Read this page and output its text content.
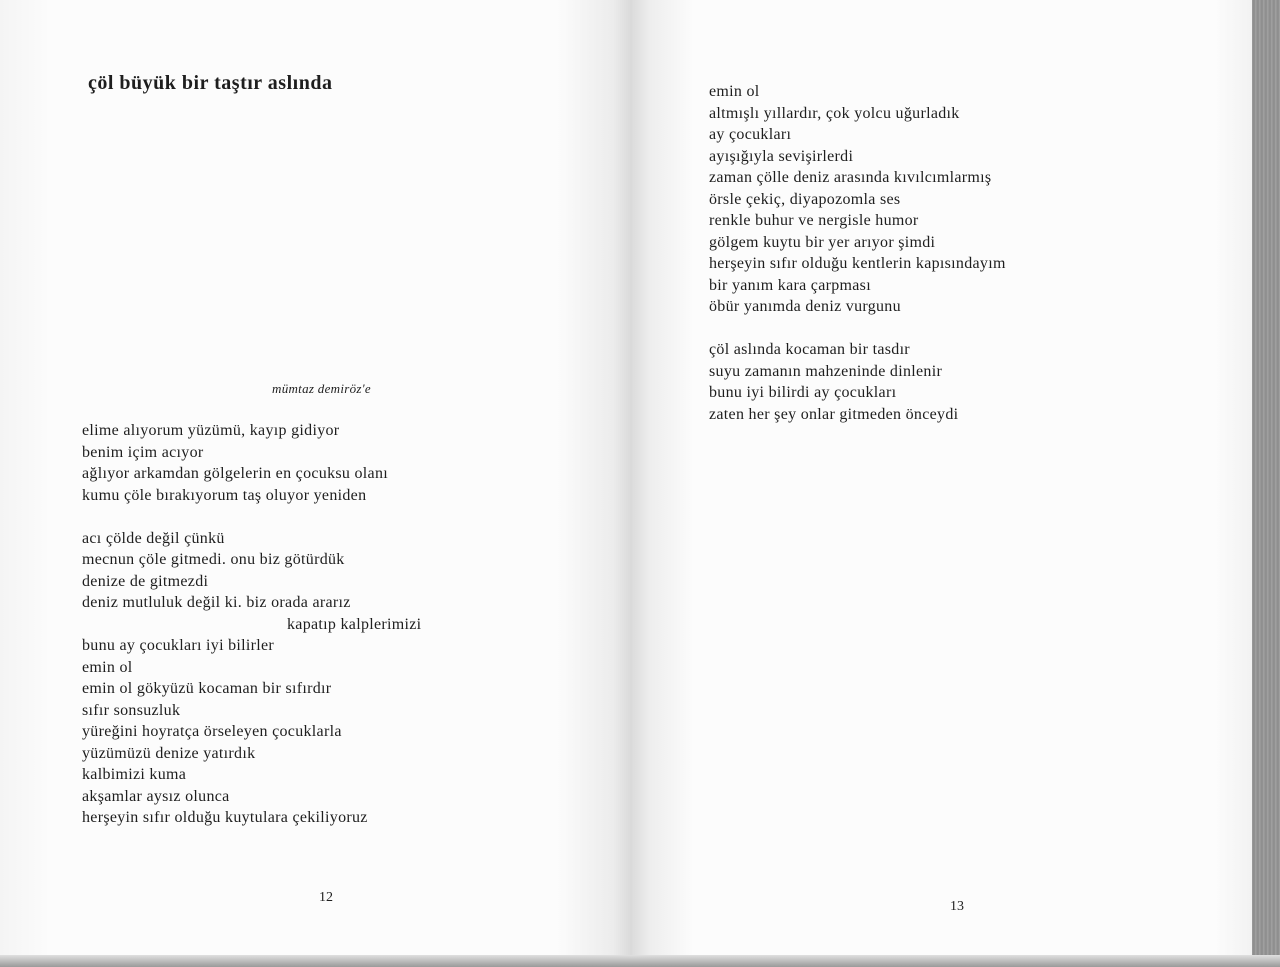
çöl büyük bir taştır aslında
mümtaz demiröz'e
elime alıyorum yüzümü, kayıp gidiyor
benim içim acıyor
ağlıyor arkamdan gölgelerin en çocuksu olanı
kumu çöle bırakıyorum taş oluyor yeniden
acı çölde değil çünkü
mecnun çöle gitmedi. onu biz götürdük
denize de gitmezdi
deniz mutluluk değil ki. biz orada ararız
kapatıp kalplerimizi
bunu ay çocukları iyi bilirler
emin ol
emin ol gökyüzü kocaman bir sıfırdır
sıfır sonsuzluk
yüreğini hoyratça örseleyen çocuklarla
yüzümüzü denize yatırdık
kalbimizi kuma
akşamlar aysız olunca
herşeyin sıfır olduğu kuytulara çekiliyoruz
12
13
emin ol
altmışlı yıllardır, çok yolcu uğurladık
ay çocukları
ayışığıyla sevişirlerdi
zaman çölle deniz arasında kıvılcımlarmış
örsle çekiç, diyapozomla ses
renkle buhur ve nergisle humor
gölgem kuytu bir yer arıyor şimdi
herşeyin sıfır olduğu kentlerin kapısındayım
bir yanım kara çarpması
öbür yanımda deniz vurgunu
çöl aslında kocaman bir tasdır
suyu zamanın mahzeninde dinlenir
bunu iyi bilirdi ay çocukları
zaten her şey onlar gitmeden önceydi
